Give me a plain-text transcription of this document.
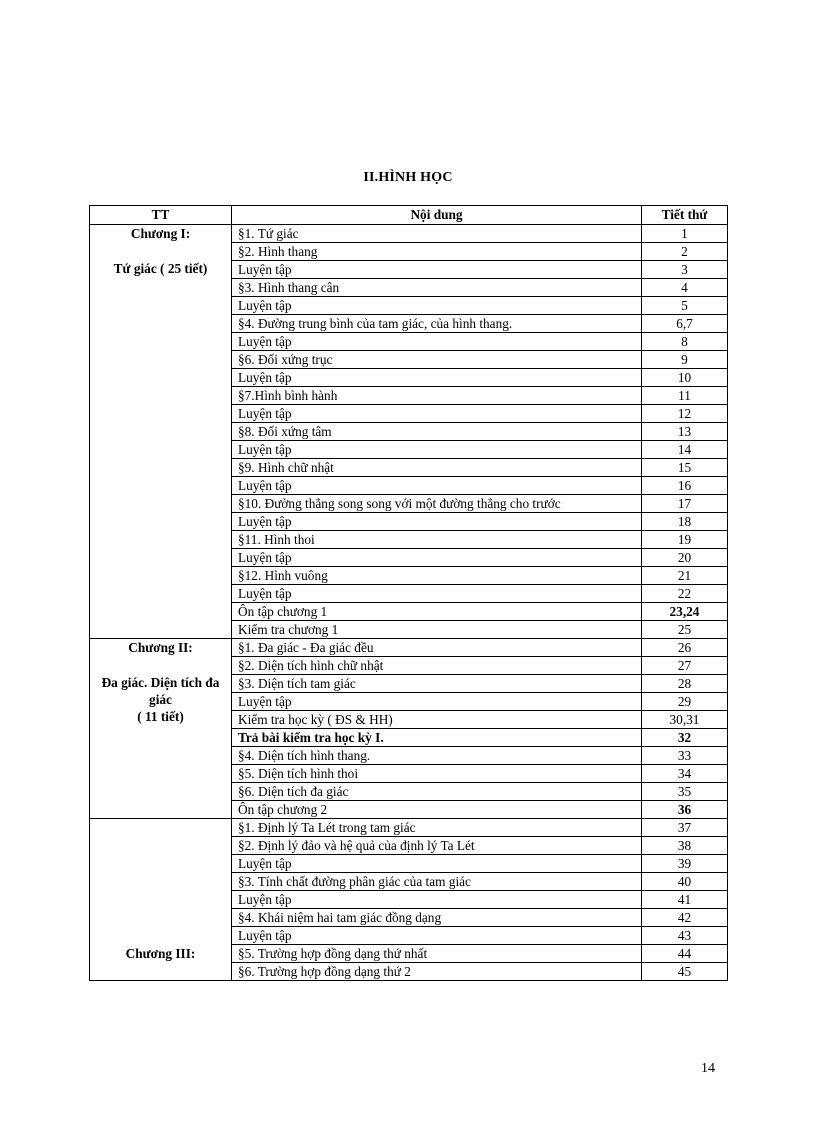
II.HÌNH HỌC
TT	Nội dung	Tiết thứ

Chương I:
Tứ giác ( 25 tiết)	§1. Tứ giác	1
	§2. Hình thang	2
	Luyện tập	3
	§3. Hình thang cân	4
	Luyện tập	5
	§4. Đường trung bình của tam giác, của hình thang.	6,7
	Luyện tập	8
	§6. Đối xứng trục	9
	Luyện tập	10
	§7.Hình bình hành	11
	Luyện tập	12
	§8. Đối xứng tâm	13
	Luyện tập	14
	§9. Hình chữ nhật	15
	Luyện tập	16
	§10. Đường thẳng song song với một đường thẳng cho trước	17
	Luyện tập	18
	§11. Hình thoi	19
	Luyện tập	20
	§12. Hình vuông	21
	Luyện tập	22
	Ôn tập chương 1	23,24
	Kiểm tra chương 1	25

Chương II:
Đa giác. Diện tích đa giác
( 11 tiết)	§1. Đa giác - Đa giác đều	26
	§2. Diện tích hình chữ nhật	27
	§3. Diện tích tam giác	28
	Luyện tập	29
	Kiểm tra học kỳ ( ĐS & HH)	30,31
	Trả bài kiểm tra học kỳ I.	32
	§4. Diện tích hình thang.	33
	§5. Diện tích hình thoi	34
	§6. Diện tích đa giác	35
	Ôn tập chương 2	36

Chương III:	§1. Định lý Ta Lét trong tam giác	37
	§2. Định lý đảo và hệ quả của định lý Ta Lét	38
	Luyện tập	39
	§3. Tính chất đường phân giác của tam giác	40
	Luyện tập	41
	§4. Khái niệm hai tam giác đồng dạng	42
	Luyện tập	43
	§5. Trường hợp đồng dạng thứ nhất	44
	§6. Trường hợp đồng dạng thứ 2	45
14
